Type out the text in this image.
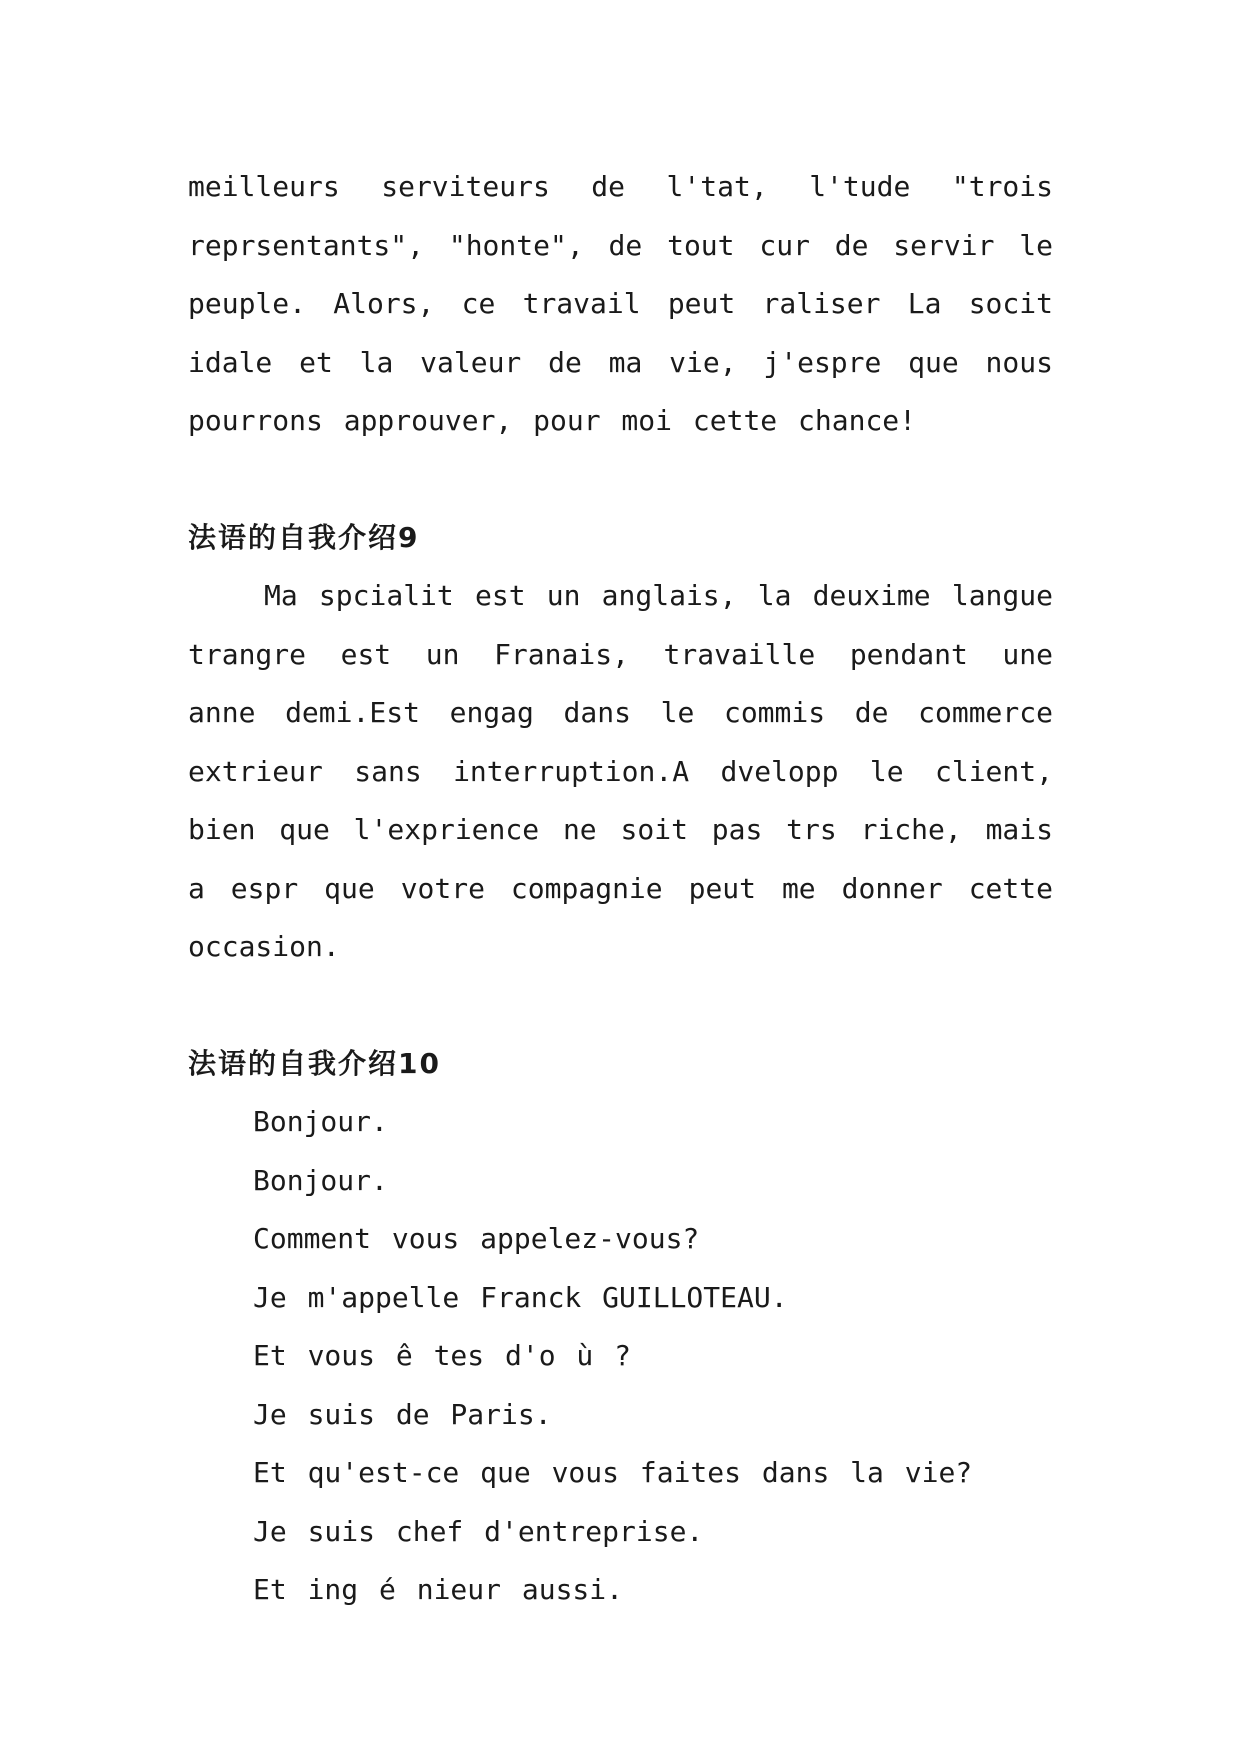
meilleurs serviteurs de l'tat, l'tude "trois reprsentants", "honte", de tout cur de servir le peuple. Alors, ce travail peut raliser La socit idale et la valeur de ma vie, j'espre que nous pourrons approuver, pour moi cette chance!

法语的自我介绍9

Ma spcialit est un anglais, la deuxime langue trangre est un Franais, travaille pendant une anne demi.Est engag dans le commis de commerce extrieur sans interruption.A dvelopp le client, bien que l'exprience ne soit pas trs riche, mais a espr que votre compagnie peut me donner cette occasion.

法语的自我介绍10
Bonjour.
Bonjour.
Comment vous appelez-vous?
Je m'appelle Franck GUILLOTEAU.
Et vous ê tes d'o ù ?
Je suis de Paris.
Et qu'est-ce que vous faites dans la vie?
Je suis chef d'entreprise.
Et ing é nieur aussi.
